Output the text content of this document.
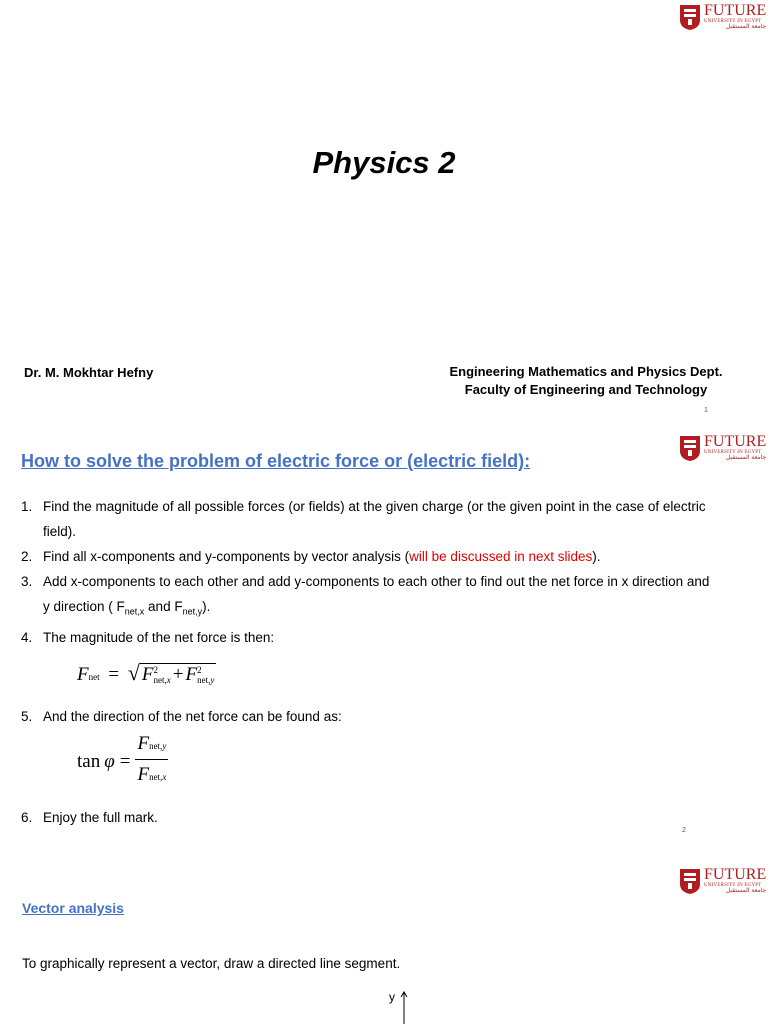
FUTURE
UNIVERSITY IN EGYPT
جامعة المستقبل
Physics 2
Dr. M. Mokhtar Hefny	Engineering Mathematics and Physics Dept.
Faculty of Engineering and Technology
1
FUTURE
UNIVERSITY IN EGYPT
جامعة المستقبل
How to solve the problem of electric force or (electric field):
1. Find the magnitude of all possible forces (or fields) at the given charge (or the given point in the case of electric field).
2. Find all x-components and y-components by vector analysis (will be discussed in next slides).
3. Add x-components to each other and add y-components to each other to find out the net force in x direction and y direction ( $F_{net,x}$ and $F_{net,y}$).
4. The magnitude of the net force is then:
Fnet = √ F2
net,x + F2
net,y
5. And the direction of the net force can be found as:
tan φ =
Fnet,y
Fnet,x
6. Enjoy the full mark.
2
FUTURE
UNIVERSITY IN EGYPT
جامعة المستقبل
Vector analysis
To graphically represent a vector, draw a directed line segment.
y
